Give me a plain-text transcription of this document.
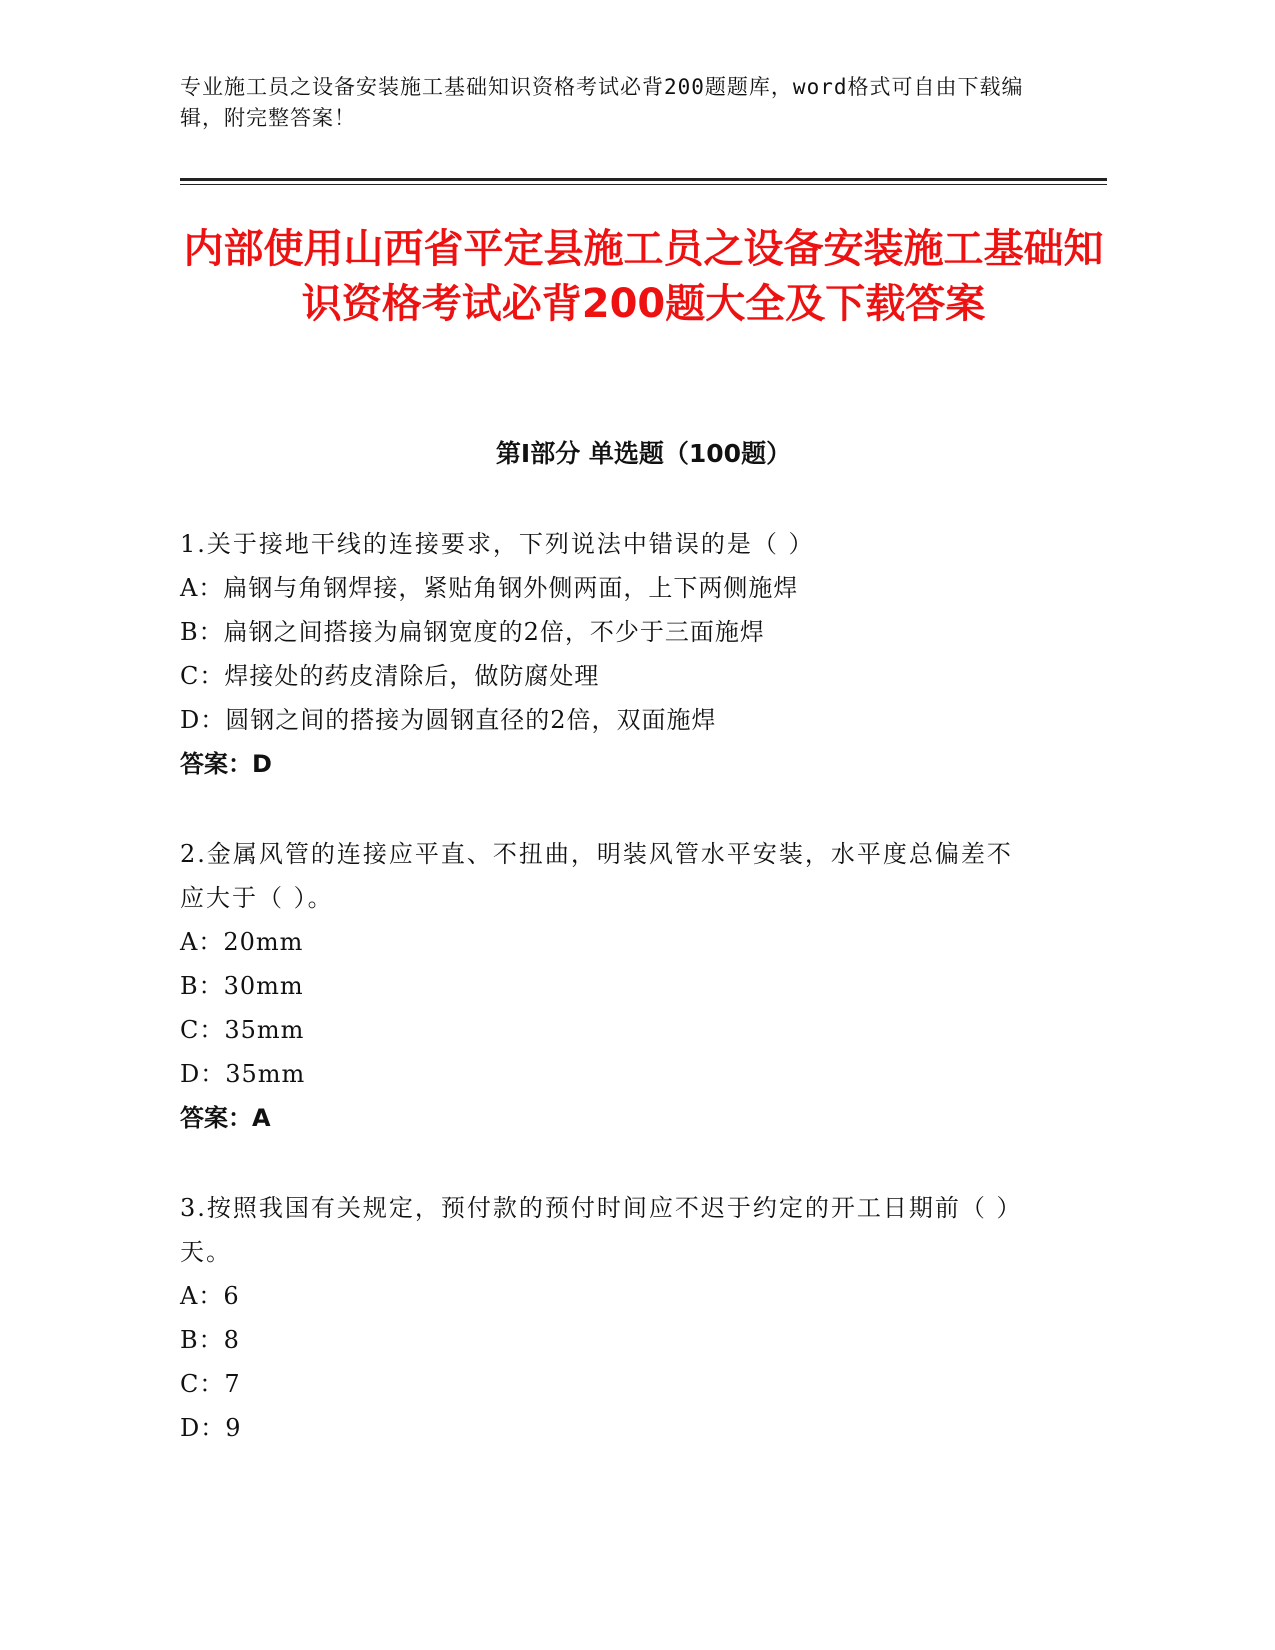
专业施工员之设备安装施工基础知识资格考试必背200题题库，word格式可自由下载编辑，附完整答案！
内部使用山西省平定县施工员之设备安装施工基础知识资格考试必背200题大全及下载答案
第Ⅰ部分 单选题（100题）
1.关于接地干线的连接要求，下列说法中错误的是（ ）
A：扁钢与角钢焊接，紧贴角钢外侧两面，上下两侧施焊
B：扁钢之间搭接为扁钢宽度的2倍，不少于三面施焊
C：焊接处的药皮清除后，做防腐处理
D：圆钢之间的搭接为圆钢直径的2倍，双面施焊
答案：D
2.金属风管的连接应平直、不扭曲，明装风管水平安装，水平度总偏差不应大于（ ）。
A：20mm
B：30mm
C：35mm
D：35mm
答案：A
3.按照我国有关规定，预付款的预付时间应不迟于约定的开工日期前（ ）天。
A：6
B：8
C：7
D：9
